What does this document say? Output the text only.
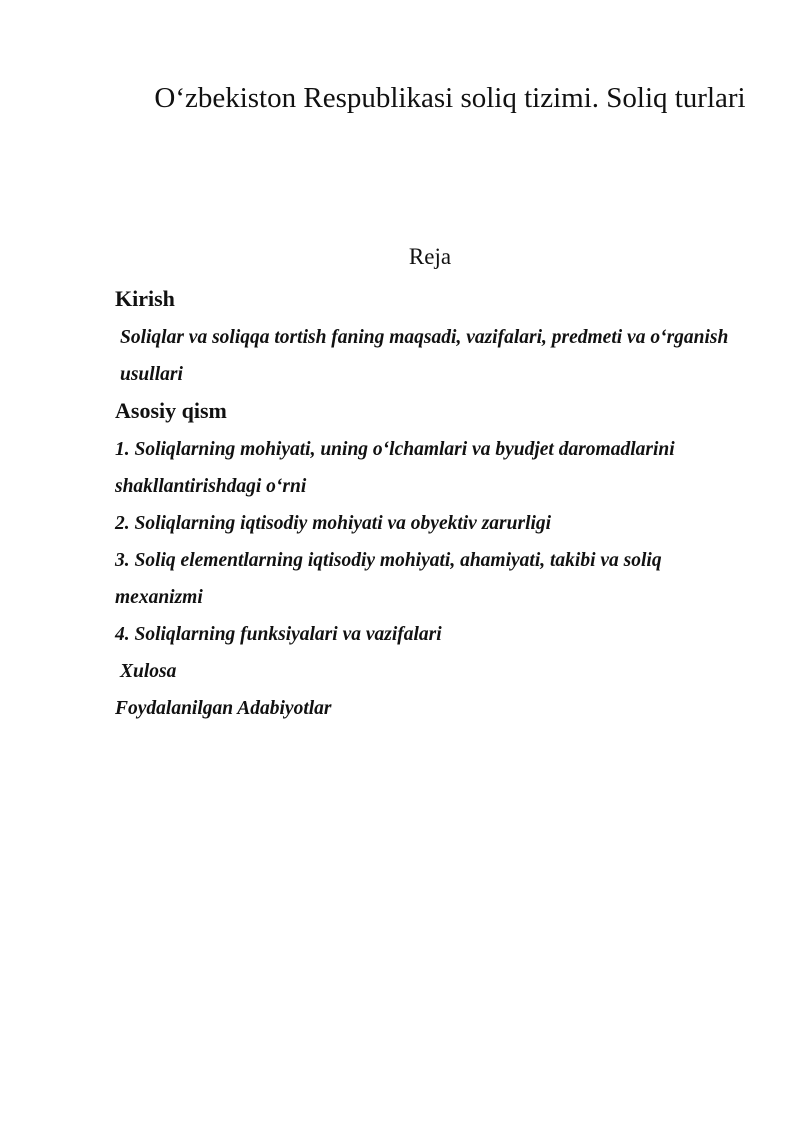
O‘zbekiston Respublikasi soliq tizimi. Soliq turlari
Reja
Kirish

Soliqlar va soliqqa tortish faning maqsadi, vazifalari, predmeti va o‘rganish usullari

Asosiy qism

1. Soliqlarning mohiyati, uning o‘lchamlari va byudjet daromadlarini shakllantirishdagi o‘rni

2. Soliqlarning iqtisodiy mohiyati va obyektiv zarurligi

3. Soliq elementlarning iqtisodiy mohiyati, ahamiyati, takibi va soliq mexanizmi

4. Soliqlarning funksiyalari va vazifalari

Xulosa

Foydalanilgan Adabiyotlar
